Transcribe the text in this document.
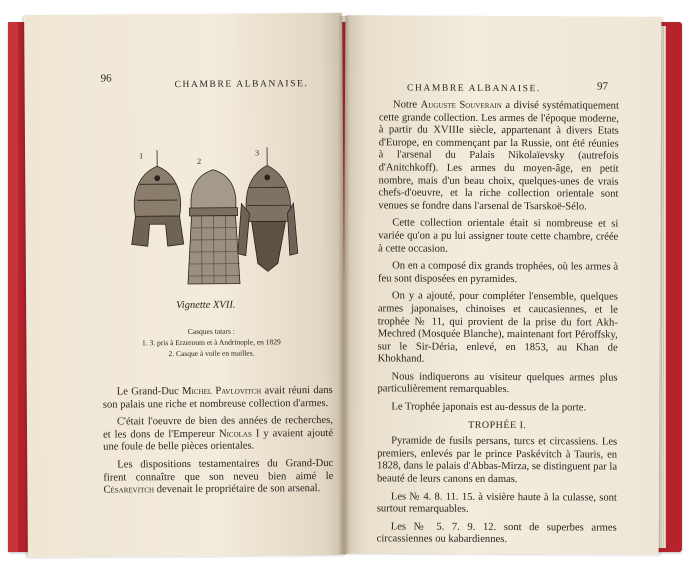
96
CHAMBRE ALBANAISE.
1
2
3
Vignette XVII.
Casques tatars :
1. 3. pris à Erzeroum et à Andrinople, en 1829
2. Casque à voile en mailles.

Le Grand-Duc Michel Pavlovitch avait réuni dans son palais une riche et nombreuse collection d'armes.

C'était l'oeuvre de bien des années de recherches, et les dons de l'Empereur Nicolas I y avaient ajouté une foule de belle pièces orientales.

Les dispositions testamentaires du Grand-Duc firent connaître que son neveu bien aimé le Césarevitch devenait le propriétaire de son arsenal.

CHAMBRE ALBANAISE.	97

Notre Auguste Souverain a divisé systématiquement cette grande collection. Les armes de l'époque moderne, à partir du XVIIIe siècle, appartenant à divers Etats d'Europe, en commençant par la Russie, ont été réunies à l'arsenal du Palais Nikolaïevsky (autrefois d'Anitchkoff). Les armes du moyen-âge, en petit nombre, mais d'un beau choix, quelques-unes de vrais chefs-d'oeuvre, et la riche collection orientale sont venues se fondre dans l'arsenal de Tsarskoë-Sélo.

Cette collection orientale était si nombreuse et si variée qu'on a pu lui assigner toute cette chambre, créée à cette occasion.

On en a composé dix grands trophées, où les armes à feu sont disposées en pyramides.

On y a ajouté, pour compléter l'ensemble, quelques armes japonaises, chinoises et caucasiennes, et le trophée № 11, qui provient de la prise du fort Akh-Mechred (Mosquée Blanche), maintenant fort Péroffsky, sur le Sir-Déria, enlevé, en 1853, au Khan de Khokhand.

Nous indiquerons au visiteur quelques armes plus particulièrement remarquables.

Le Trophée japonais est au-dessus de la porte.

TROPHÉE I.

Pyramide de fusils persans, turcs et circassiens. Les premiers, enlevés par le prince Paskévitch à Tauris, en 1828, dans le palais d'Abbas-Mirza, se distinguent par la beauté de leurs canons en damas.

Les № 4. 8. 11. 15. à visière haute à la culasse, sont surtout remarquables.

Les № 5. 7. 9. 12. sont de superbes armes circassiennes ou kabardiennes.
